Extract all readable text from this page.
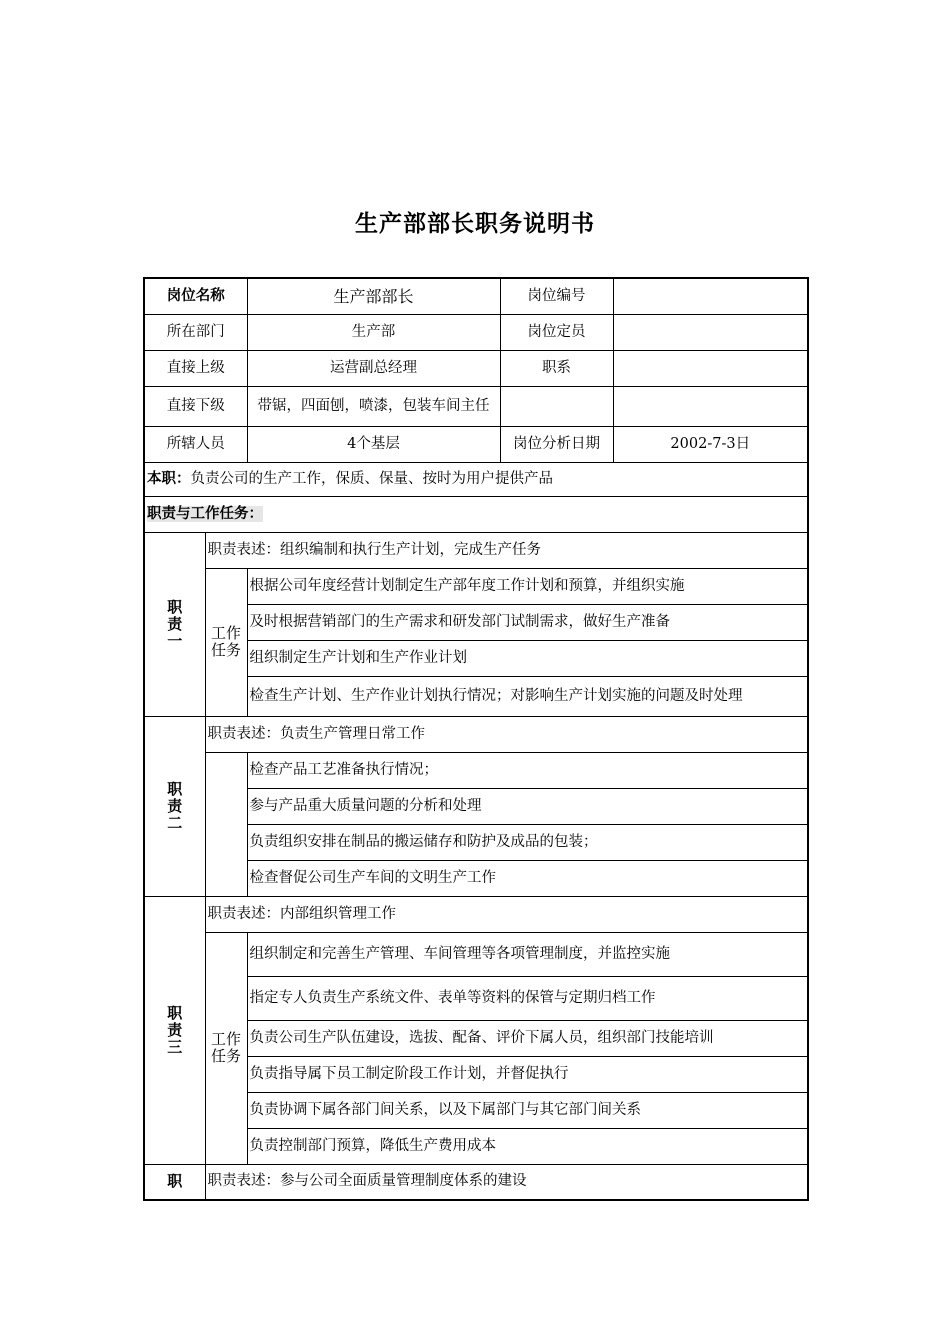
生产部部长职务说明书
岗位名称		生产部部长	岗位编号	
所在部门		生产部	岗位定员	
直接上级		运营副总经理	职系	
直接下级		带锯，四面刨，喷漆，包装车间主任		
所辖人员		4个基层	岗位分析日期	2002-7-3日
本职：负责公司的生产工作，保质、保量、按时为用户提供产品				
职责与工作任务：				
职责一	职责表述：组织编制和执行生产计划，完成生产任务			
	工作任务	根据公司年度经营计划制定生产部年度工作计划和预算，并组织实施		
		及时根据营销部门的生产需求和研发部门试制需求，做好生产准备		
		组织制定生产计划和生产作业计划		
		检查生产计划、生产作业计划执行情况；对影响生产计划实施的问题及时处理		
职责二	职责表述：负责生产管理日常工作			
		检查产品工艺准备执行情况；		
		参与产品重大质量问题的分析和处理		
		负责组织安排在制品的搬运储存和防护及成品的包装；		
		检查督促公司生产车间的文明生产工作		
职责三	职责表述：内部组织管理工作			
	工作任务	组织制定和完善生产管理、车间管理等各项管理制度，并监控实施		
		指定专人负责生产系统文件、表单等资料的保管与定期归档工作		
		负责公司生产队伍建设，选拔、配备、评价下属人员，组织部门技能培训		
		负责指导属下员工制定阶段工作计划，并督促执行		
		负责协调下属各部门间关系，以及下属部门与其它部门间关系		
		负责控制部门预算，降低生产费用成本		
职	职责表述：参与公司全面质量管理制度体系的建设			
